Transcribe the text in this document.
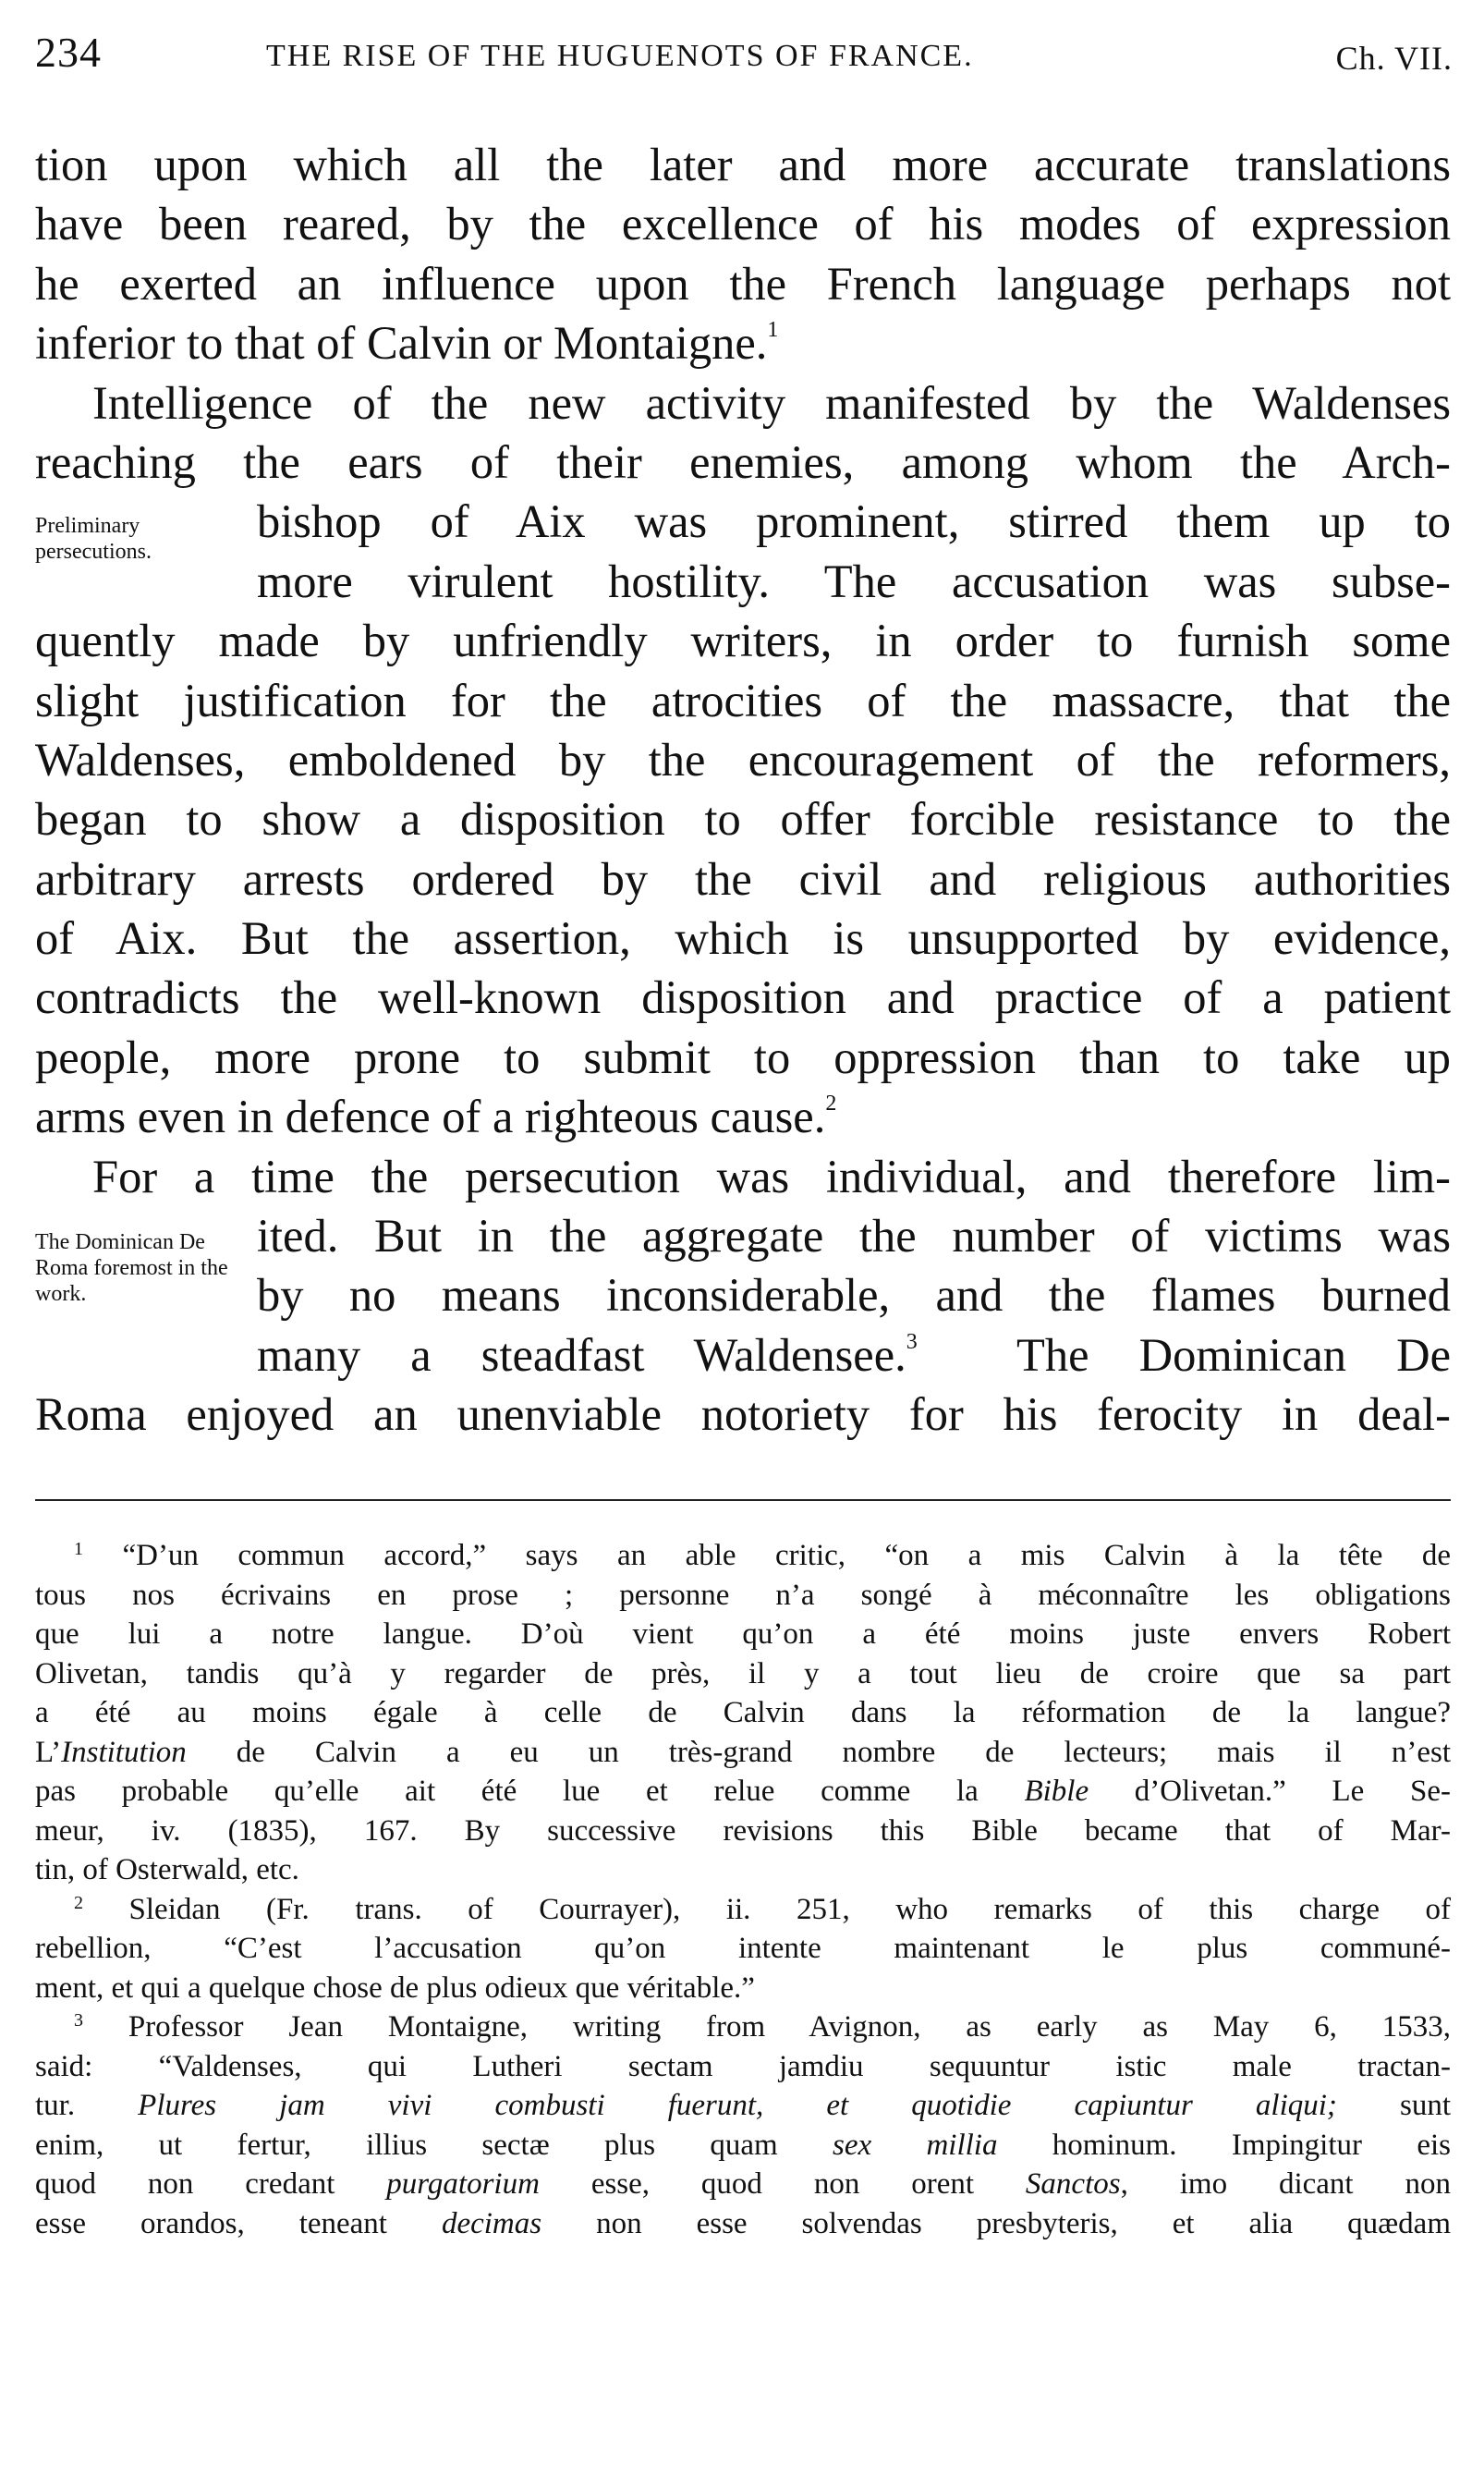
234	THE RISE OF THE HUGUENOTS OF FRANCE.	Ch. VII.
Preliminary persecutions.
The Dominican De Roma foremost in the work.
tion upon which all the later and more accurate translations
have been reared, by the excellence of his modes of expression
he exerted an influence upon the French language perhaps not
inferior to that of Calvin or Montaigne.$^1$
Intelligence of the new activity manifested by the Waldenses
reaching the ears of their enemies, among whom the Arch-
bishop of Aix was prominent, stirred them up to
more virulent hostility. The accusation was subse-
quently made by unfriendly writers, in order to furnish some
slight justification for the atrocities of the massacre, that the
Waldenses, emboldened by the encouragement of the reformers,
began to show a disposition to offer forcible resistance to the
arbitrary arrests ordered by the civil and religious authorities
of Aix. But the assertion, which is unsupported by evidence,
contradicts the well-known disposition and practice of a patient
people, more prone to submit to oppression than to take up
arms even in defence of a righteous cause.$^2$
For a time the persecution was individual, and therefore lim-
ited. But in the aggregate the number of victims was
by no means inconsiderable, and the flames burned
many a steadfast Waldensee.$^3$ The Dominican De
Roma enjoyed an unenviable notoriety for his ferocity in deal-
$^1$ “D’un commun accord,” says an able critic, “on a mis Calvin à la tête de
tous nos écrivains en prose ; personne n’a songé à méconnaître les obligations
que lui a notre langue. D’où vient qu’on a été moins juste envers Robert
Olivetan, tandis qu’à y regarder de près, il y a tout lieu de croire que sa part
a été au moins égale à celle de Calvin dans la réformation de la langue?
L’Institution de Calvin a eu un très-grand nombre de lecteurs; mais il n’est
pas probable qu’elle ait été lue et relue comme la Bible d’Olivetan.” Le Se-
meur, iv. (1835), 167. By successive revisions this Bible became that of Mar-
tin, of Osterwald, etc.
$^2$ Sleidan (Fr. trans. of Courrayer), ii. 251, who remarks of this charge of
rebellion, “C’est l’accusation qu’on intente maintenant le plus communé-
ment, et qui a quelque chose de plus odieux que véritable.”
$^3$ Professor Jean Montaigne, writing from Avignon, as early as May 6, 1533,
said: “Valdenses, qui Lutheri sectam jamdiu sequuntur istic male tractan-
tur. Plures jam vivi combusti fuerunt, et quotidie capiuntur aliqui; sunt
enim, ut fertur, illius sectæ plus quam sex millia hominum. Impingitur eis
quod non credant purgatorium esse, quod non orent Sanctos, imo dicant non
esse orandos, teneant decimas non esse solvendas presbyteris, et alia quædam
